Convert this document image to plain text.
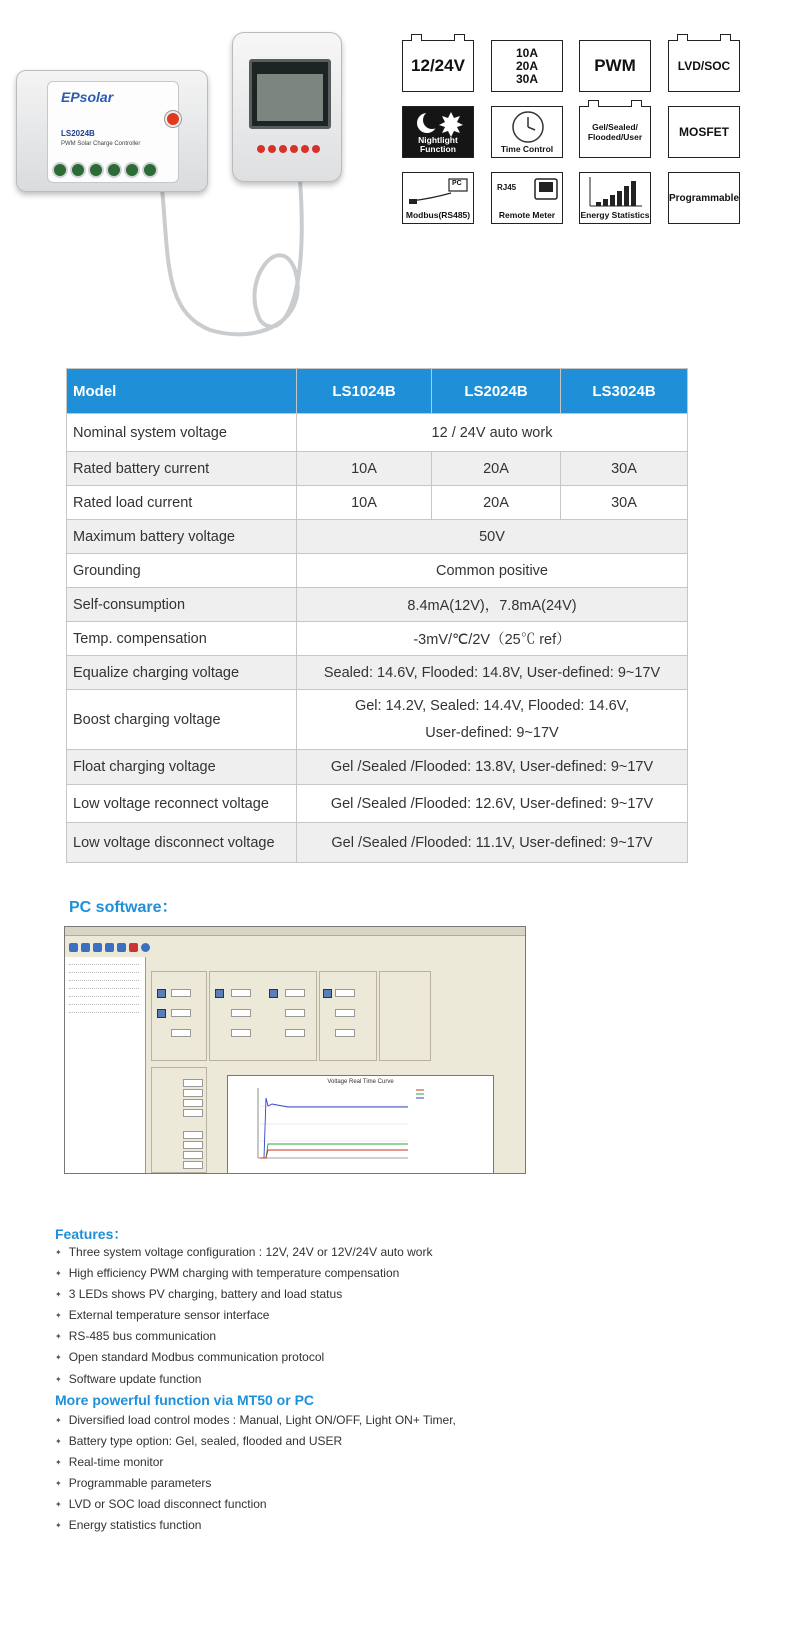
EPsolar
LS2024B
PWM Solar Charge Controller
12/24V
10A
20A
30A
PWM	LVD/SOC
Nightlight Function	Time Control
Gel/Sealed/ Flooded/User	MOSFET
PC
Modbus(RS485)
RJ45
Remote Meter	Energy Statistics
Programmable
Model	LS1024B	LS2024B	LS3024B
Nominal system voltage	12 / 24V auto work		
Rated battery current	10A	20A	30A
Rated load current	10A	20A	30A
Maximum battery voltage	50V		
Grounding	Common positive		
Self-consumption	8.4mA(12V)，7.8mA(24V)		
Temp. compensation	-3mV/℃/2V（25℃ ref）		
Equalize charging voltage	Sealed: 14.6V, Flooded: 14.8V, User-defined: 9~17V		
Boost charging voltage	Gel: 14.2V, Sealed: 14.4V, Flooded: 14.6V,
User-defined: 9~17V		
Float charging voltage	Gel /Sealed /Flooded: 13.8V, User-defined: 9~17V		
Low voltage reconnect voltage	Gel /Sealed /Flooded: 12.6V, User-defined: 9~17V		
Low voltage disconnect voltage	Gel /Sealed /Flooded: 11.1V, User-defined: 9~17V		
PC software：
Voltage Real Time Curve
Features：
✦ Three system voltage configuration : 12V, 24V or 12V/24V auto work
✦ High efficiency PWM charging with temperature compensation
✦ 3 LEDs shows PV charging, battery and load status
✦ External temperature sensor interface
✦ RS-485 bus communication
✦ Open standard Modbus communication protocol
✦ Software update function
More powerful function via MT50 or PC
✦ Diversified load control modes : Manual, Light ON/OFF, Light ON+ Timer,
✦ Battery type option: Gel, sealed, flooded and USER
✦ Real-time monitor
✦ Programmable parameters
✦ LVD or SOC load disconnect function
✦ Energy statistics function
